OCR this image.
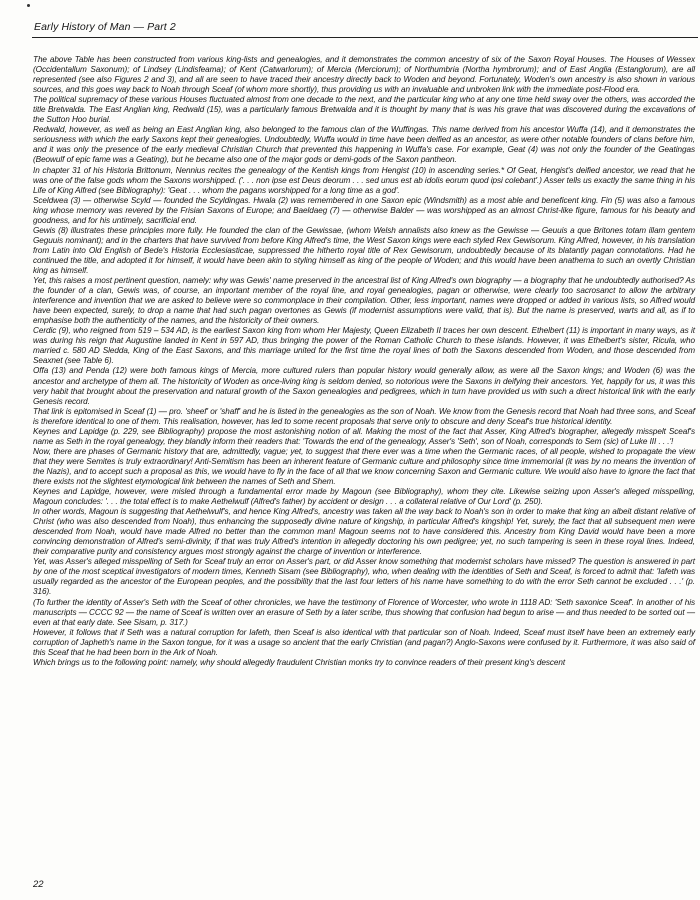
Early History of Man — Part 2

The above Table has been constructed from various king-lists and genealogies, and it demonstrates the common ancestry of six of the Saxon Royal Houses. The Houses of Wessex (Occidentallum Saxonum); of Lindsey (Lindisfeama); of Kent (Catwarlorum); of Mercia (Merciorum); of Northumbria (Northa hymbrorum); and of East Anglia (Estanglorum), are all represented (see also Figures 2 and 3), and all are seen to have traced their ancestry directly back to Woden and beyond. Fortunately, Woden's own ancestry is also shown in various sources, and this goes way back to Noah through Sceaf (of whom more shortly), thus providing us with an invaluable and unbroken link with the immediate post-Flood era.

The political supremacy of these various Houses fluctuated almost from one decade to the next, and the particular king who at any one time held sway over the others, was accorded the title Bretwalda. The East Anglian king, Redwald (15), was a particularly famous Bretwalda and it is thought by many that is was his grave that was discovered during the excavations of the Sutton Hoo burial.

Redwald, however, as well as being an East Anglian king, also belonged to the famous clan of the Wuffingas. This name derived from his ancestor Wuffa (14), and it demonstrates the seriousness with which the early Saxons kept their genealogies. Undoubtedly, Wuffa would in time have been deified as an ancestor, as were other notable founders of clans before him, and it was only the presence of the early medieval Christian Church that prevented this happening in Wuffa's case. For example, Geat (4) was not only the founder of the Geatingas (Beowulf of epic fame was a Geating), but he became also one of the major gods or demi-gods of the Saxon pantheon.

In chapter 31 of his Historia Brittonum, Nennius recites the genealogy of the Kentish kings from Hengist (10) in ascending series.* Of Geat, Hengist's deified ancestor, we read that he was one of the false gods whom the Saxons worshipped. ('. . . non ipse est Deus deorum . . . sed unus est ab idolis eorum quod ipsi colebant'.) Asser tells us exactly the same thing in his Life of King Alfred (see Bibliography): 'Geat . . . whom the pagans worshipped for a long time as a god'.

Sceldwea (3) — otherwise Scyld — founded the Scyldingas. Hwala (2) was remembered in one Saxon epic (Windsmith) as a most able and beneficent king. Fin (5) was also a famous king whose memory was revered by the Frisian Saxons of Europe; and Baeldaeg (7) — otherwise Balder — was worshipped as an almost Christ-like figure, famous for his beauty and goodness, and for his untimely, sacrificial end.

Gewis (8) illustrates these principles more fully. He founded the clan of the Gewissae, (whom Welsh annalists also knew as the Gewisse — Geuuis a que Britones totam illam gentem Geguuis nominant); and in the charters that have survived from before King Alfred's time, the West Saxon kings were each styled Rex Gewisorum. King Alfred, however, in his translation from Latin into Old English of Bede's Historia Ecclesiasticae, suppressed the hitherto royal title of Rex Gewisorum, undoubtedly because of its blatantly pagan connotations. Had he continued the title, and adopted it for himself, it would have been akin to styling himself as king of the people of Woden; and this would have been anathema to such an overtly Christian king as himself.

Yet, this raises a most pertinent question, namely: why was Gewis' name preserved in the ancestral list of King Alfred's own biography — a biography that he undoubtedly authorised? As the founder of a clan, Gewis was, of course, an important member of the royal line, and royal genealogies, pagan or otherwise, were clearly too sacrosanct to allow the arbitrary interference and invention that we are asked to believe were so commonplace in their compilation. Other, less important, names were dropped or added in various lists, so Alfred would have been expected, surely, to drop a name that had such pagan overtones as Gewis (if modernist assumptions were valid, that is). But the name is preserved, warts and all, as if to emphasise both the authenticity of the names, and the historicity of their owners.

Cerdic (9), who reigned from 519 – 534 AD, is the earliest Saxon king from whom Her Majesty, Queen Elizabeth II traces her own descent. Ethelbert (11) is important in many ways, as it was during his reign that Augustine landed in Kent in 597 AD, thus bringing the power of the Roman Catholic Church to these islands. However, it was Ethelbert's sister, Ricula, who married c. 580 AD Sledda, King of the East Saxons, and this marriage united for the first time the royal lines of both the Saxons descended from Woden, and those descended from Seaxnet (see Table 6).

Offa (13) and Penda (12) were both famous kings of Mercia, more cultured rulers than popular history would generally allow, as were all the Saxon kings; and Woden (6) was the ancestor and archetype of them all. The historicity of Woden as once-living king is seldom denied, so notorious were the Saxons in deifying their ancestors. Yet, happily for us, it was this very habit that brought about the preservation and natural growth of the Saxon genealogies and pedigrees, which in turn have provided us with such a direct historical link with the early Genesis record.

That link is epitomised in Sceaf (1) — pro. 'sheef' or 'shaff' and he is listed in the genealogies as the son of Noah. We know from the Genesis record that Noah had three sons, and Sceaf is therefore identical to one of them. This realisation, however, has led to some recent proposals that serve only to obscure and deny Sceaf's true historical identity.

Keynes and Lapidge (p. 229, see Bibliography) propose the most astonishing notion of all. Making the most of the fact that Asser, King Alfred's biographer, allegedly misspelt Sceaf's name as Seth in the royal genealogy, they blandly inform their readers that: 'Towards the end of the genealogy, Asser's 'Seth', son of Noah, corresponds to Sem (sic) of Luke III . . .'!

Now, there are phases of Germanic history that are, admittedly, vague; yet, to suggest that there ever was a time when the Germanic races, of all people, wished to propagate the view that they were Semites is truly extraordinary! Anti-Semitism has been an inherent feature of Germanic culture and philosophy since time immemorial (it was by no means the invention of the Nazis), and to accept such a proposal as this, we would have to fly in the face of all that we know concerning Saxon and Germanic culture. We would also have to ignore the fact that there exists not the slightest etymological link between the names of Seth and Shem.

Keynes and Lapidge, however, were misled through a fundamental error made by Magoun (see Bibliography), whom they cite. Likewise seizing upon Asser's alleged misspelling, Magoun concludes: '. . . the total effect is to make Aethelwulf (Alfred's father) by accident or design . . . a collateral relative of Our Lord' (p. 250).

In other words, Magoun is suggesting that Aethelwulf's, and hence King Alfred's, ancestry was taken all the way back to Noah's son in order to make that king an albeit distant relative of Christ (who was also descended from Noah), thus enhancing the supposedly divine nature of kingship, in particular Alfred's kingship! Yet, surely, the fact that all subsequent men were descended from Noah, would have made Alfred no better than the common man! Magoun seems not to have considered this. Ancestry from King David would have been a more convincing demonstration of Alfred's semi-divinity, if that was truly Alfred's intention in allegedly doctoring his own pedigree; yet, no such tampering is seen in these royal lines. Indeed, their comparative purity and consistency argues most strongly against the charge of invention or interference.

Yet, was Asser's alleged misspelling of Seth for Sceaf truly an error on Asser's part, or did Asser know something that modernist scholars have missed? The question is answered in part by one of the most sceptical investigators of modern times, Kenneth Sisam (see Bibliography), who, when dealing with the identities of Seth and Sceaf, is forced to admit that: 'Iafeth was usually regarded as the ancestor of the European peoples, and the possibility that the last four letters of his name have something to do with the error Seth cannot be excluded . . .' (p. 316).

(To further the identity of Asser's Seth with the Sceaf of other chronicles, we have the testimony of Florence of Worcester, who wrote in 1118 AD: 'Seth saxonice Sceaf'. In another of his manuscripts — CCCC 92 — the name of Sceaf is written over an erasure of Seth by a later scribe, thus showing that confusion had begun to arise — and thus needed to be sorted out — even at that early date. See Sisam, p. 317.)

However, it follows that if Seth was a natural corruption for Iafeth, then Sceaf is also identical with that particular son of Noah. Indeed, Sceaf must itself have been an extremely early corruption of Japheth's name in the Saxon tongue, for it was a usage so ancient that the early Christian (and pagan?) Anglo-Saxons were confused by it. Furthermore, it was also said of this Sceaf that he had been born in the Ark of Noah.

Which brings us to the following point: namely, why should allegedly fraudulent Christian monks try to convince readers of their present king's descent

22
